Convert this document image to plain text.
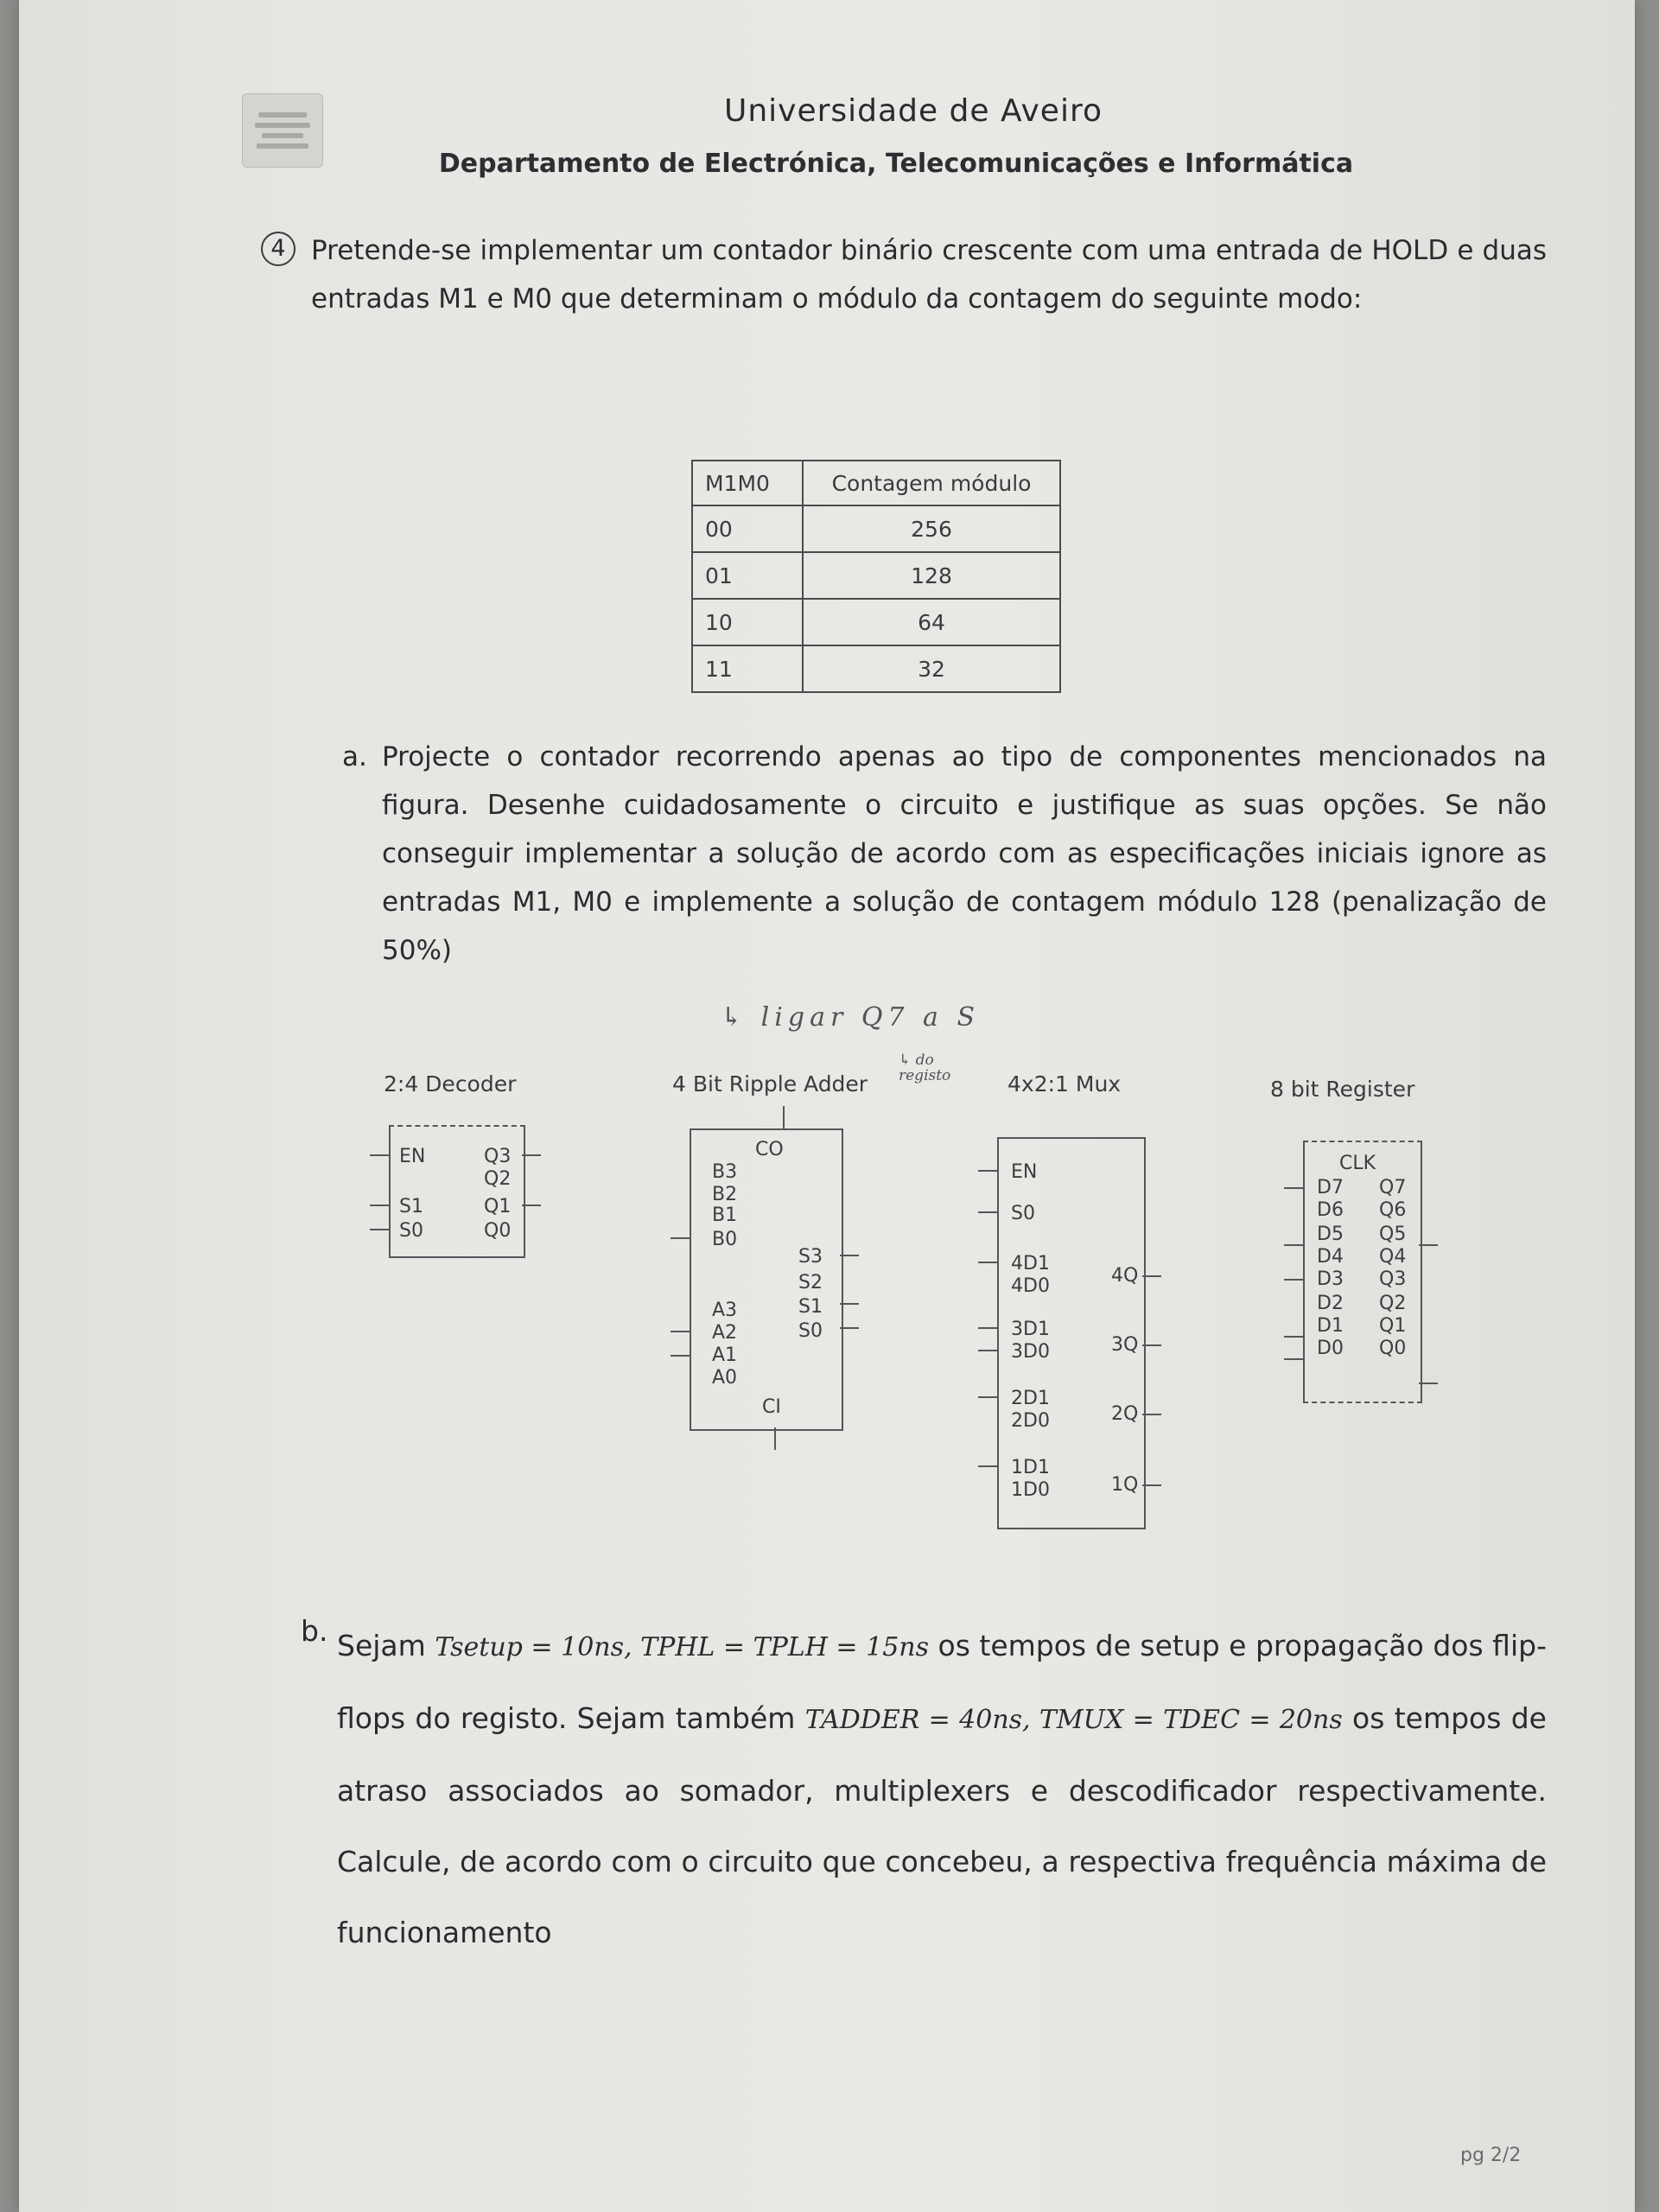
Universidade de Aveiro
Departamento de Electrónica, Telecomunicações e Informática
4 Pretende-se implementar um contador binário crescente com uma entrada de HOLD e duas entradas M1 e M0 que determinam o módulo da contagem do seguinte modo:
M1M0	Contagem módulo
00	256
01	128
10	64
11	32
a. Projecte o contador recorrendo apenas ao tipo de componentes mencionados na figura. Desenhe cuidadosamente o circuito e justifique as suas opções. Se não conseguir implementar a solução de acordo com as especificações iniciais ignore as entradas M1, M0 e implemente a solução de contagem módulo 128 (penalização de 50%)
↳ ligar Q7 a S
↳ do registo
2:4 Decoder
EN
S1
S0
Q3
Q2
Q1
Q0
4 Bit Ripple Adder
CO
B3
B2
B1
B0
A3
A2
A1
A0
S3
S2
S1
S0
CI
4x2:1 Mux
EN
S0
4D1
4D0
3D1
3D0
2D1
2D0
1D1
1D0
4Q
3Q
2Q
1Q
8 bit Register
CLK
D7
D6
D5
D4
D3
D2
D1
D0
Q7
Q6
Q5
Q4
Q3
Q2
Q1
Q0
b. Sejam Tsetup = 10ns, TPHL = TPLH = 15ns os tempos de setup e propagação dos flip-flops do registo. Sejam também TADDER = 40ns, TMUX = TDEC = 20ns os tempos de atraso associados ao somador, multiplexers e descodificador respectivamente. Calcule, de acordo com o circuito que concebeu, a respectiva frequência máxima de funcionamento
pg 2/2
